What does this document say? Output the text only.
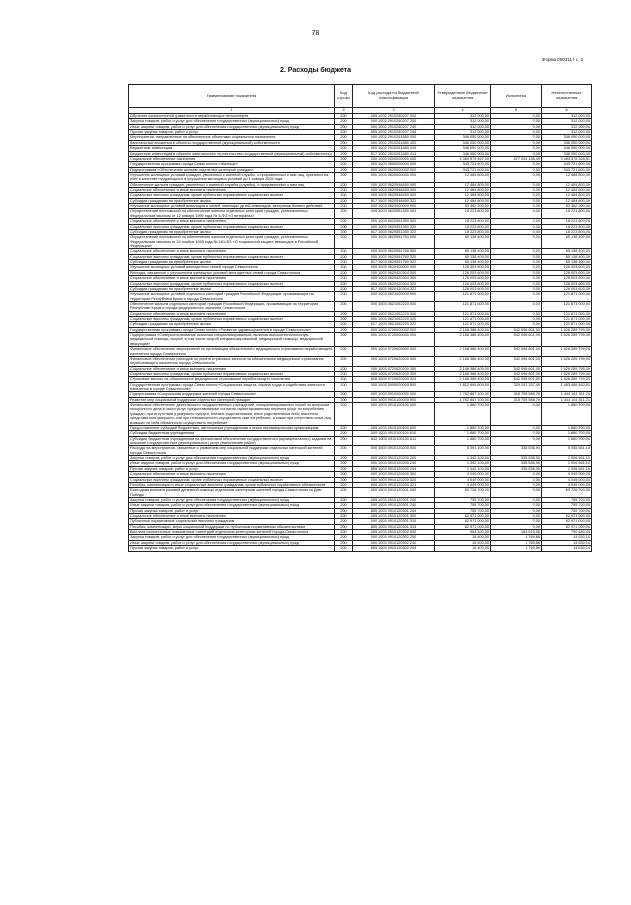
78
Форма 0503117 с. 2
2. Расходы бюджета
Наименование показателя	Код строки	Код расхода по бюджетной классификации	Утвержденные бюджетные назначения	Исполнено	Неисполненные назначения
1	2	3	4	5	6
Обучение компьютерной грамотности неработающих пенсионеров	200	000 1002 2910260207 000	312 000,00	0,00	312 000,00
Закупка товаров, работ и услуг для обеспечения государственных (муниципальных) нужд	200	000 1002 2910260207 200	312 000,00	0,00	312 000,00
Иные закупки товаров, работ и услуг для обеспечения государственных (муниципальных) нужд	200	000 1002 2910260207 240	312 000,00	0,00	312 000,00
Прочая закупка товаров, работ и услуг	200	855 1002 2910260207 244	312 000,00	0,00	312 000,00
Мероприятия, направленные на обеспечение объектами социального назначения	200	000 1002 2910261680 000	346 050 000,00	0,00	346 050 000,00
Капитальные вложения в объекты государственной (муниципальной) собственности	200	000 1002 2910261680 400	346 050 000,00	0,00	346 050 000,00
Бюджетные инвестиции	200	000 1002 2910261680 410	346 050 000,00	0,00	346 050 000,00
Бюджетные инвестиции в объекты капитального строительства государственной (муниципальной) собственности	200	817 1002 2910261680 414	346 050 000,00	0,00	346 050 000,00
Социальное обеспечение населения	200	000 1003 0000000000 000	4 360 579 467,00	877 204 138,49	3 483 375 328,51
Государственная программа города Севастополя «Жилище»	200	000 1003 0600000000 000	343 721 600,00	0,00	343 721 600,00
Подпрограмма «Обеспечение жильем отдельных категорий граждан»	200	000 1003 0620000000 000	343 721 600,00	0,00	343 721 600,00
Улучшение жилищных условий граждан, уволенных с военной службы, и приравненных к ним лиц, принятых на учет в качестве нуждающихся в улучшении жилищных условий до 1 января 2005 года	200	000 1003 0620000000 000	12 484 800,00	0,00	12 484 800,00
Обеспечение жильем граждан, уволенных с военной службы (службы), и приравненных к ним лиц	200	000 1003 0620548450 000	12 484 800,00	0,00	12 484 800,00
Социальное обеспечение и иные выплаты населению	200	000 1003 0620548450 300	12 484 800,00	0,00	12 484 800,00
Социальные выплаты гражданам, кроме публичных нормативных социальных выплат	200	000 1003 0620548450 320	12 484 800,00	0,00	12 484 800,00
Субсидии гражданам на приобретение жилья	200	817 1003 0620548450 322	12 484 800,00	0,00	12 484 800,00
Улучшение жилищных условий инвалидов и семей, имеющих детей-инвалидов, ветеранов боевых действий	200	000 1003 0620000000 000	83 362 200,00	0,00	83 362 200,00
Осуществление полномочий по обеспечению жильем отдельных категорий граждан, установленных Федеральным законом от 12 января 1995 года № 5-ФЗ «О ветеранах»	200	000 1003 0620551350 000	18 223 800,00	0,00	18 223 800,00
Социальное обеспечение и иные выплаты населению	200	000 1003 0620551350 300	18 223 800,00	0,00	18 223 800,00
Социальные выплаты гражданам, кроме публичных нормативных социальных выплат	200	000 1003 0620551350 320	18 223 800,00	0,00	18 223 800,00
Субсидии гражданам на приобретение жилья	200	817 1003 0620551350 322	18 223 800,00	0,00	18 223 800,00
Осуществление полномочий по обеспечению жильем отдельных категорий граждан, установленных Федеральным законом от 24 ноября 1995 года № 181-ФЗ «О социальной защите инвалидов в Российской Федерации»	200	000 1003 0620551760 000	65 138 400,00	0,00	65 138 400,00
Социальное обеспечение и иные выплаты населению	200	000 1003 0620551760 300	65 138 400,00	0,00	65 138 400,00
Социальные выплаты гражданам, кроме публичных нормативных социальных выплат	200	000 1003 0620551760 320	65 138 400,00	0,00	65 138 400,00
Субсидии гражданам на приобретение жилья	200	817 1003 0620551760 322	65 138 400,00	0,00	65 138 400,00
Улучшение жилищных условий многодетных семей города Севастополя	200	000 1003 0620400000 000	126 003 600,00	0,00	126 003 600,00
Расходы, связанные с улучшением жилищных условий многодетных семей города Севастополя	200	000 1003 0620420304 000	126 003 600,00	0,00	126 003 600,00
Социальное обеспечение и иные выплаты населению	200	000 1003 0620420304 300	126 003 600,00	0,00	126 003 600,00
Социальные выплаты гражданам, кроме публичных нормативных социальных выплат	200	000 1003 0620420304 320	126 003 600,00	0,00	126 003 600,00
Субсидии гражданам на приобретение жилья	200	817 1003 0620420304 322	126 003 600,00	0,00	126 003 600,00
Улучшение жилищных условий отдельных категорий граждан Российской Федерации, проживающих на территории Республики Крым и города Севастополя	200	000 1003 0621000000 000	121 871 000,00	0,00	121 871 000,00
Обеспечение жильем отдельных категорий граждан Российской Федерации, проживающих на территории Республики Крым и города федерального значения Севастополя	200	000 1003 0621052220 000	121 871 000,00	0,00	121 871 000,00
Социальное обеспечение и иные выплаты населению	200	000 1003 0621052220 300	121 871 000,00	0,00	121 871 000,00
Социальные выплаты гражданам, кроме публичных нормативных социальных выплат	200	000 1003 0621052220 320	121 871 000,00	0,00	121 871 000,00
Субсидии гражданам на приобретение жилья	200	817 1003 0621052220 322	121 871 000,00	0,00	121 871 000,00
Государственная программа города Севастополя «Развитие здравоохранения в городе Севастополе»	200	000 1003 0700000000 000	2 168 386 400,00	542 096 601,00	1 626 289 799,00
Подпрограмма «Совершенствование оказания специализированной, включая высокотехнологичную, медицинской помощи, скорой, в том числе скорой специализированной, медицинской помощи, медицинской эвакуации»	200	000 1003 0720000000 000	2 168 386 400,00	542 096 601,00	1 626 289 799,00
Финансовое обеспечение мероприятий по организации обязательного медицинского страхования неработающего населения города Севастополя	200	000 1003 0720600000 000	2 168 386 400,00	542 096 601,00	1 626 289 799,00
Финансовое обеспечение расходов по уплате страховых взносов на обязательное медицинское страхование неработающего населения города Севастополя	200	000 1003 0720620200 000	2 168 386 400,00	542 096 601,00	1 626 289 799,00
Социальное обеспечение и иные выплаты населению	200	000 1003 0720620200 300	2 168 386 400,00	542 096 601,00	1 626 289 799,00
Социальные выплаты гражданам, кроме публичных нормативных социальных выплат	200	000 1003 0720620200 320	2 168 386 400,00	542 096 601,00	1 626 289 799,00
Страховые взносы на обязательное медицинское страхование неработающего населения	200	826 1003 0720620200 324	2 168 386 400,00	542 096 601,00	1 626 289 799,00
Государственная программа города Севастополя «Социальная защита, охрана труда и содействие занятости населения в городе Севастополе»	200	000 1003 0900000000 000	1 812 695 800,00	329 207 337,49	1 483 488 462,51
Подпрограмма «Социальная поддержка жителей города Севастополя»	200	000 1003 0910000000 000	1 762 867 100,00	318 705 588,79	1 444 161 511,21
Развитие мер социальной поддержки отдельных категорий граждан	200	000 1003 0910100000 000	1 762 867 100,00	318 705 588,79	1 444 161 511,21
Финансовое обеспечение деятельности государственных учреждений, специализированных служб по вопросам похоронного дела в части услуг, предоставляемых согласно гарантированному перечню услуг по погребению граждан, при отсутствии у умершего супруга, близких родственников, иных родственников либо законного представителя умершего или при невозможности осуществить ими погребение, а также при отсутствии иных лиц, взявших на себя обязанность осуществить погребение	200	000 1003 0910100100 000	1 880 700,00	0,00	1 880 700,00
Предоставление субсидий бюджетным, автономным учреждениям и иным некоммерческим организациям	200	000 1003 0910100100 600	1 880 700,00	0,00	1 880 700,00
Субсидии бюджетным учреждениям	200	000 1003 0910100100 610	1 880 700,00	0,00	1 880 700,00
Субсидии бюджетным учреждениям на финансовое обеспечение государственного (муниципального) задания на оказание государственных (муниципальных) услуг (выполнение работ)	200	842 1003 0910100100 611	1 880 700,00	0,00	1 880 700,00
Расходы на мероприятия, связанные с развитием мер социальной поддержки отдельных категорий жителей города Севастополя	200	000 1003 0910120200 000	5 391 100,00	335 536,90	5 055 561,10
Закупка товаров, работ и услуг для обеспечения государственных (муниципальных) нужд	200	000 1003 0910120200 200	1 342 100,00	335 536,90	1 006 561,10
Иные закупки товаров, работ и услуг для обеспечения государственных (муниципальных) нужд	200	000 1003 0910120200 240	1 342 100,00	335 536,90	1 006 561,10
Прочая закупка товаров, работ и услуг	200	855 1003 0910120200 244	1 342 100,00	335 536,90	1 006 561,10
Социальное обеспечение и иные выплаты населению	200	000 1003 0910120200 300	4 049 000,00	0,00	4 049 000,00
Социальные выплаты гражданам, кроме публичных нормативных социальных выплат	200	000 1003 0910120200 320	4 049 000,00	0,00	4 049 000,00
Пособия, компенсации и иные социальные выплаты гражданам, кроме публичных нормативных обязательств	200	855 1003 0910120200 321	4 049 000,00	0,00	4 049 000,00
Ежегодная выплата разовой денежной помощи отдельным категориям жителей города Севастополя ко Дню Победы	200	000 1003 0910120301 000	63 726 700,00	0,00	63 726 700,00
Закупка товаров, работ и услуг для обеспечения государственных (муниципальных) нужд	200	000 1003 0910120301 200	755 700,00	0,00	755 700,00
Иные закупки товаров, работ и услуг для обеспечения государственных (муниципальных) нужд	200	000 1003 0910120301 240	755 700,00	0,00	755 700,00
Прочая закупка товаров, работ и услуг	200	855 1003 0910120301 244	755 700,00	0,00	755 700,00
Социальное обеспечение и иные выплаты населению	200	000 1003 0910120301 300	62 971 000,00	0,00	62 971 000,00
Публичные нормативные социальные выплаты гражданам	200	000 1003 0910120301 310	62 971 000,00	0,00	62 971 000,00
Пособия, компенсации, меры социальной поддержки по публичным нормативным обязательствам	200	855 1003 0910120301 313	62 971 000,00	0,00	62 971 000,00
Выплата ежемесячных повышенных стипендий отдельным категориям жителей города Севастополя	200	000 1003 0910120302 000	954 100,00	163 619,56	790 480,44
Закупка товаров, работ и услуг для обеспечения государственных (муниципальных) нужд	200	000 1003 0910120302 200	16 400,00	1 769,86	14 630,14
Иные закупки товаров, работ и услуг для обеспечения государственных (муниципальных) нужд	200	000 1003 0910120302 240	16 400,00	1 769,86	14 630,14
Прочая закупка товаров, работ и услуг	200	855 1003 0910120302 244	16 400,00	1 769,86	14 630,14
